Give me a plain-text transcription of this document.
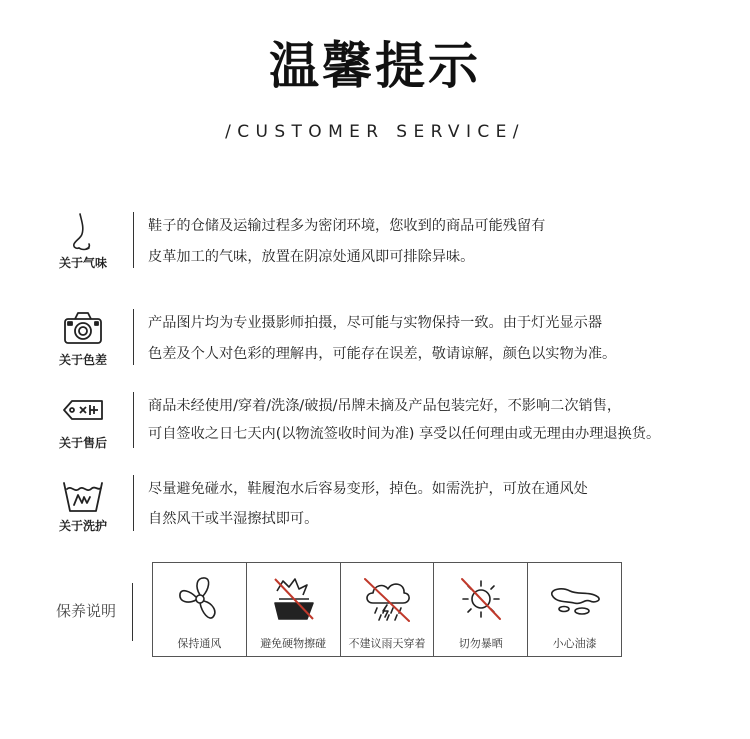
温馨提示
/CUSTOMER SERVICE/
关于气味
鞋子的仓储及运输过程多为密闭环境，您收到的商品可能残留有
皮革加工的气味，放置在阴凉处通风即可排除异味。
关于色差
产品图片均为专业摄影师拍摄，尽可能与实物保持一致。由于灯光显示器
色差及个人对色彩的理解冉，可能存在误差，敬请谅解，颜色以实物为准。
关于售后
商品未经使用/穿着/洗涤/破损/吊牌未摘及产品包装完好，不影响二次销售，
可自签收之日七天内(以物流签收时间为准) 享受以任何理由或无理由办理退换货。
关于洗护
尽量避免碰水，鞋履泡水后容易变形，掉色。如需洗护，可放在通风处
自然风干或半湿擦拭即可。
保养说明
保持通风	避免硬物擦碰	不建议雨天穿着	切勿暴晒	小心油漆
